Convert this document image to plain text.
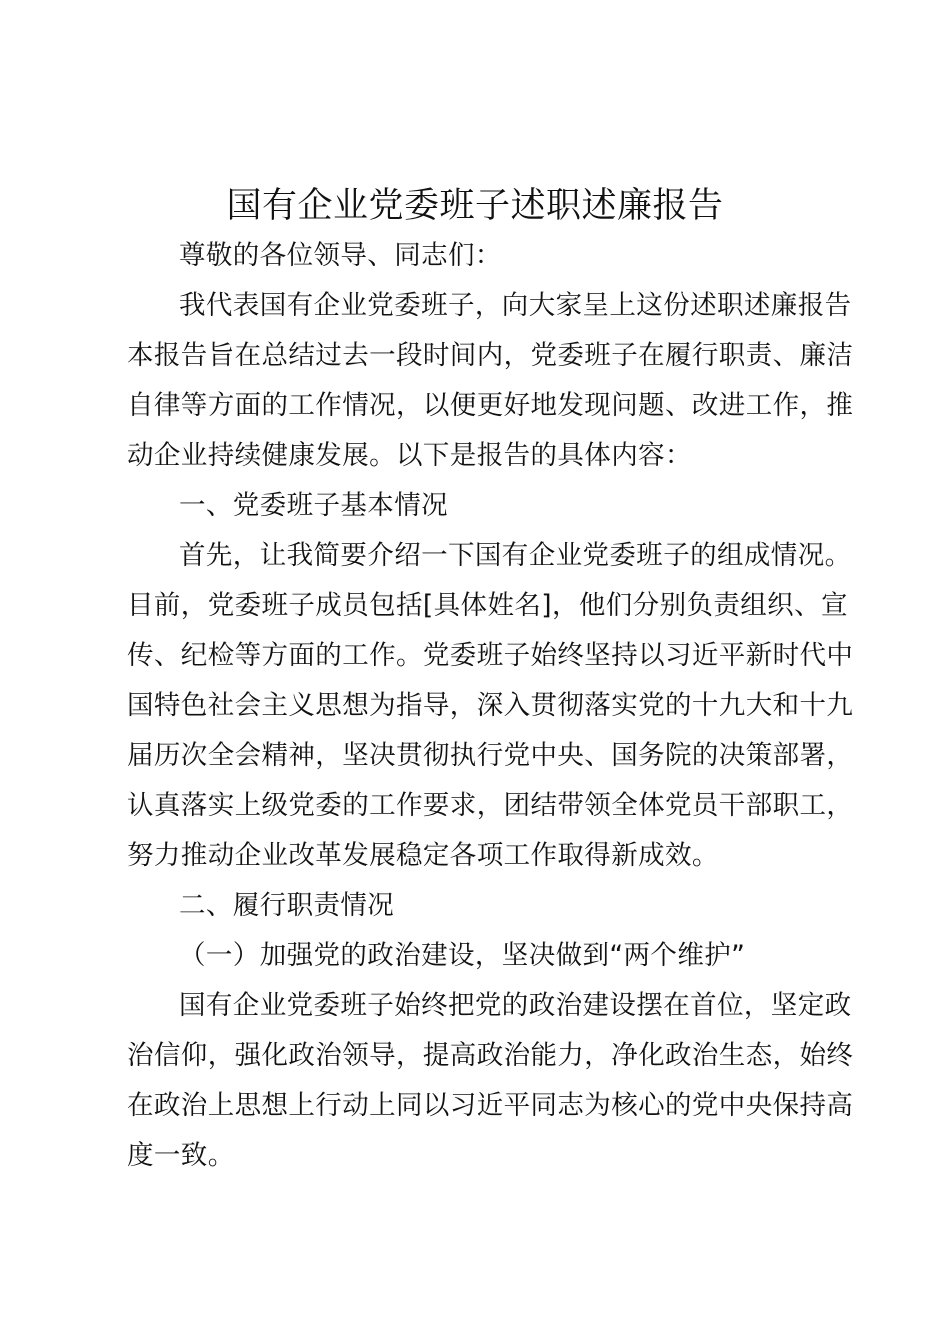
国有企业党委班子述职述廉报告
尊敬的各位领导、同志们：
我代表国有企业党委班子，向大家呈上这份述职述廉报告
本报告旨在总结过去一段时间内，党委班子在履行职责、廉洁
自律等方面的工作情况，以便更好地发现问题、改进工作，推
动企业持续健康发展。以下是报告的具体内容：
一、党委班子基本情况
首先，让我简要介绍一下国有企业党委班子的组成情况。
目前，党委班子成员包括[具体姓名]，他们分别负责组织、宣
传、纪检等方面的工作。党委班子始终坚持以习近平新时代中
国特色社会主义思想为指导，深入贯彻落实党的十九大和十九
届历次全会精神，坚决贯彻执行党中央、国务院的决策部署，
认真落实上级党委的工作要求，团结带领全体党员干部职工，
努力推动企业改革发展稳定各项工作取得新成效。
二、履行职责情况
（一）加强党的政治建设，坚决做到“两个维护”
国有企业党委班子始终把党的政治建设摆在首位，坚定政
治信仰，强化政治领导，提高政治能力，净化政治生态，始终
在政治上思想上行动上同以习近平同志为核心的党中央保持高
度一致。
